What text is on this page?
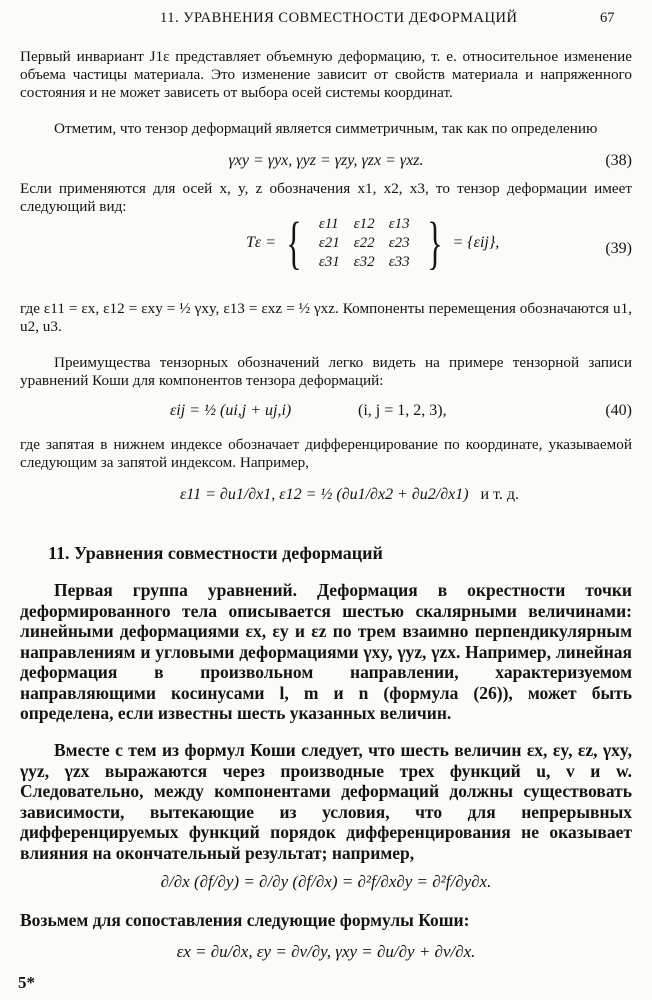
11. УРАВНЕНИЯ СОВМЕСТНОСТИ ДЕФОРМАЦИЙ	67

Первый инвариант J1ε представляет объемную деформацию, т. е. относительное изменение объема частицы материала. Это изменение зависит от свойств материала и напряженного состояния и не может зависеть от выбора осей системы координат.

Отметим, что тензор деформаций является симметричным, так как по определению

γxy = γyx, γyz = γzy, γzx = γxz.	(38)

Если применяются для осей x, y, z обозначения x1, x2, x3, то тензор деформации имеет следующий вид:

Tε = { ε11	ε12	ε13
ε21	ε22	ε23
ε31	ε32	ε33 } = {εij},	(39)

где ε11 = εx, ε12 = εxy = ½ γxy, ε13 = εxz = ½ γxz. Компоненты перемещения обозначаются u1, u2, u3.

Преимущества тензорных обозначений легко видеть на примере тензорной записи уравнений Коши для компонентов тензора деформаций:

εij = ½ (ui,j + uj,i)	(i, j = 1, 2, 3),	(40)

где запятая в нижнем индексе обозначает дифференцирование по координате, указываемой следующим за запятой индексом. Например,

ε11 = ∂u1/∂x1, ε12 = ½ (∂u1/∂x2 + ∂u2/∂x1) и т. д.
11. Уравнения совместности деформаций

Первая группа уравнений. Деформация в окрестности точки деформированного тела описывается шестью скалярными величинами: линейными деформациями εx, εy и εz по трем взаимно перпендикулярным направлениям и угловыми деформациями γxy, γyz, γzx. Например, линейная деформация в произвольном направлении, характеризуемом направляющими косинусами l, m и n (формула (26)), может быть определена, если известны шесть указанных величин.

Вместе с тем из формул Коши следует, что шесть величин εx, εy, εz, γxy, γyz, γzx выражаются через производные трех функций u, v и w. Следовательно, между компонентами деформаций должны существовать зависимости, вытекающие из условия, что для непрерывных дифференцируемых функций порядок дифференцирования не оказывает влияния на окончательный результат; например,

∂/∂x (∂f/∂y) = ∂/∂y (∂f/∂x) = ∂²f/∂x∂y = ∂²f/∂y∂x.

Возьмем для сопоставления следующие формулы Коши:

εx = ∂u/∂x, εy = ∂v/∂y, γxy = ∂u/∂y + ∂v/∂x.
5*
